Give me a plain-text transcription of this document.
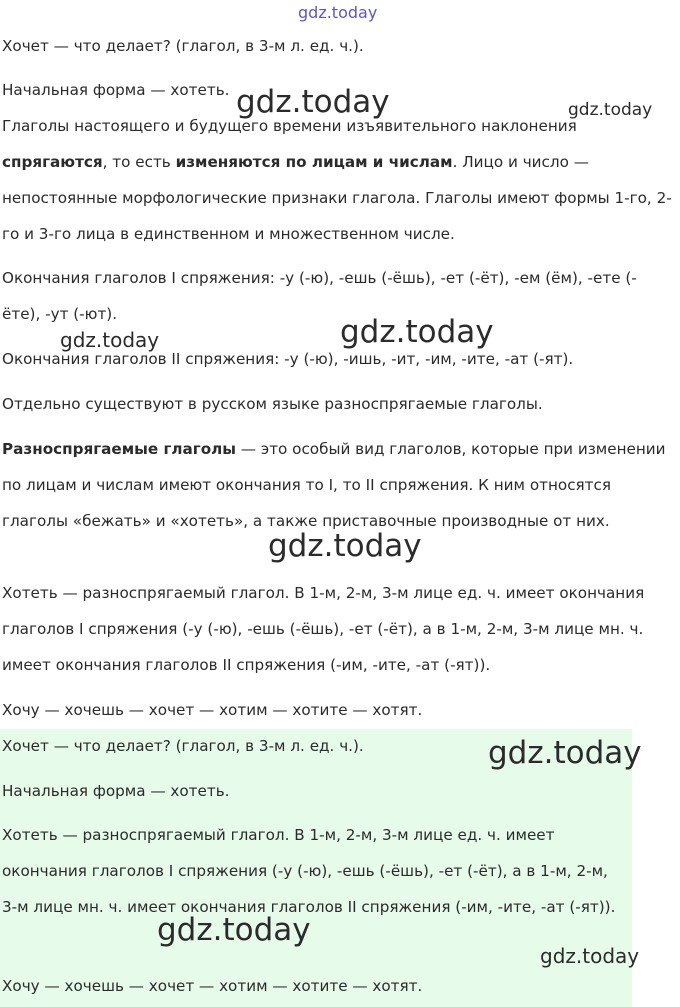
Хочет — что делает? (глагол, в 3-м л. ед. ч.).

Начальная форма — хотеть.

Глаголы настоящего и будущего времени изъявительного наклонения спрягаются, то есть изменяются по лицам и числам. Лицо и число — непостоянные морфологические признаки глагола. Глаголы имеют формы 1-го, 2-го и 3-го лица в единственном и множественном числе.

Окончания глаголов I спряжения: -у (-ю), -ешь (-ёшь), -ет (-ёт), -ем (ём), -ете (-ёте), -ут (-ют).

Окончания глаголов II спряжения: -у (-ю), -ишь, -ит, -им, -ите, -ат (-ят).

Отдельно существуют в русском языке разноспрягаемые глаголы.

Разноспрягаемые глаголы — это особый вид глаголов, которые при изменении по лицам и числам имеют окончания то I, то II спряжения. К ним относятся глаголы «бежать» и «хотеть», а также приставочные производные от них.

Хотеть — разноспрягаемый глагол. В 1-м, 2-м, 3-м лице ед. ч. имеет окончания глаголов I спряжения (-у (-ю), -ешь (-ёшь), -ет (-ёт), а в 1-м, 2-м, 3-м лице мн. ч. имеет окончания глаголов II спряжения (-им, -ите, -ат (-ят)).

Хочу — хочешь — хочет — хотим — хотите — хотят.

Хочет — что делает? (глагол, в 3-м л. ед. ч.).

Начальная форма — хотеть.

Хотеть — разноспрягаемый глагол. В 1-м, 2-м, 3-м лице ед. ч. имеет окончания глаголов I спряжения (-у (-ю), -ешь (-ёшь), -ет (-ёт), а в 1-м, 2-м, 3-м лице мн. ч. имеет окончания глаголов II спряжения (-им, -ите, -ат (-ят)).

Хочу — хочешь — хочет — хотим — хотите — хотят.

gdz.today
gdz.today	gdz.today
gdz.today	gdz.today
gdz.today
gdz.today
gdz.today
gdz.today
